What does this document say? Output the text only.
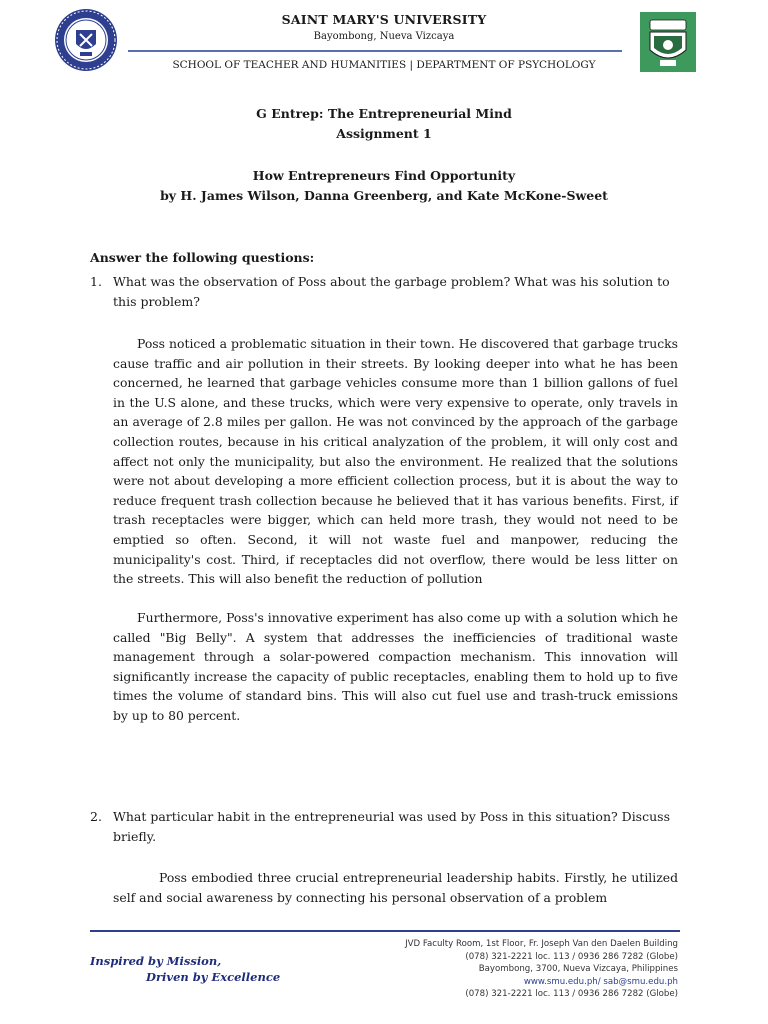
SAINT MARY'S UNIVERSITY
Bayombong, Nueva Vizcaya
SCHOOL OF TEACHER AND HUMANITIES | DEPARTMENT OF PSYCHOLOGY
G Entrep: The Entrepreneurial Mind
Assignment 1
How Entrepreneurs Find Opportunity
by H. James Wilson, Danna Greenberg, and Kate McKone-Sweet
Answer the following questions:
1. What was the observation of Poss about the garbage problem? What was his solution to this problem?
Poss noticed a problematic situation in their town. He discovered that garbage trucks cause traffic and air pollution in their streets. By looking deeper into what he has been concerned, he learned that garbage vehicles consume more than 1 billion gallons of fuel in the U.S alone, and these trucks, which were very expensive to operate, only travels in an average of 2.8 miles per gallon. He was not convinced by the approach of the garbage collection routes, because in his critical analyzation of the problem, it will only cost and affect not only the municipality, but also the environment. He realized that the solutions were not about developing a more efficient collection process, but it is about the way to reduce frequent trash collection because he believed that it has various benefits. First, if trash receptacles were bigger, which can held more trash, they would not need to be emptied so often. Second, it will not waste fuel and manpower, reducing the municipality's cost. Third, if receptacles did not overflow, there would be less litter on the streets. This will also benefit the reduction of pollution
Furthermore, Poss's innovative experiment has also come up with a solution which he called "Big Belly". A system that addresses the inefficiencies of traditional waste management through a solar-powered compaction mechanism. This innovation will significantly increase the capacity of public receptacles, enabling them to hold up to five times the volume of standard bins. This will also cut fuel use and trash-truck emissions by up to 80 percent.
2. What particular habit in the entrepreneurial was used by Poss in this situation? Discuss briefly.
Poss embodied three crucial entrepreneurial leadership habits. Firstly, he utilized self and social awareness by connecting his personal observation of a problem
Inspired by Mission,
Driven by Excellence
JVD Faculty Room, 1st Floor, Fr. Joseph Van den Daelen Building
(078) 321-2221 loc. 113 / 0936 286 7282 (Globe)
Bayombong, 3700, Nueva Vizcaya, Philippines
www.smu.edu.ph/ sab@smu.edu.ph
(078) 321-2221 loc. 113 / 0936 286 7282 (Globe)
